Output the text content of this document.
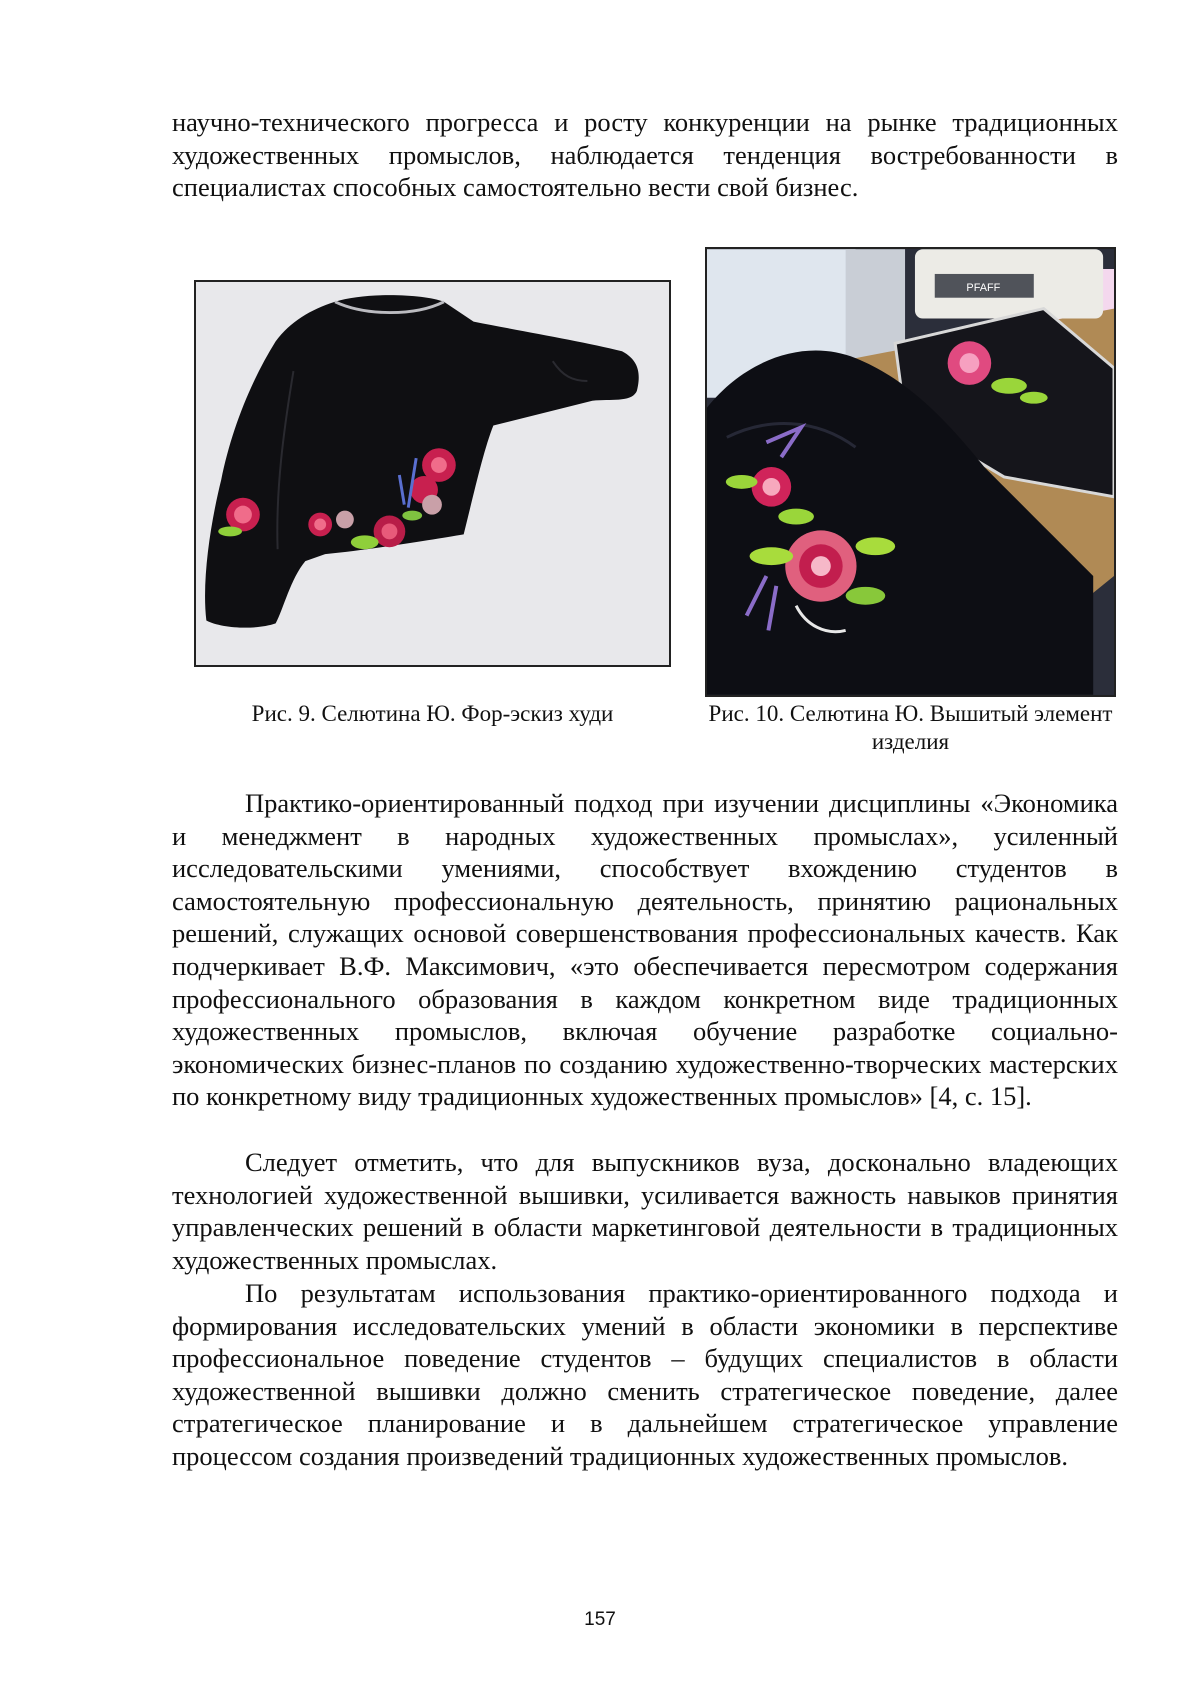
научно-технического прогресса и росту конкуренции на рынке традиционных художественных промыслов, наблюдается тенденция востребованности в специалистах способных самостоятельно вести свой бизнес.

PFAFF

Рис. 9. Селютина Ю. Фор-эскиз худи	Рис. 10. Селютина Ю. Вышитый элемент изделия

Практико-ориентированный подход при изучении дисциплины «Экономика и менеджмент в народных художественных промыслах», усиленный исследовательскими умениями, способствует вхождению студентов в самостоятельную профессиональную деятельность, принятию рациональных решений, служащих основой совершенствования профессиональных качеств. Как подчеркивает В.Ф. Максимович, «это обеспечивается пересмотром содержания профессионального образования в каждом конкретном виде традиционных художественных промыслов, включая обучение разработке социально-экономических бизнес-планов по созданию художественно-творческих мастерских по конкретному виду традиционных художественных промыслов» [4, с. 15].

Следует отметить, что для выпускников вуза, досконально владеющих технологией художественной вышивки, усиливается важность навыков принятия управленческих решений в области маркетинговой деятельности в традиционных художественных промыслах.

По результатам использования практико-ориентированного подхода и формирования исследовательских умений в области экономики в перспективе профессиональное поведение студентов – будущих специалистов в области художественной вышивки должно сменить стратегическое поведение, далее стратегическое планирование и в дальнейшем стратегическое управление процессом создания произведений традиционных художественных промыслов.

157
